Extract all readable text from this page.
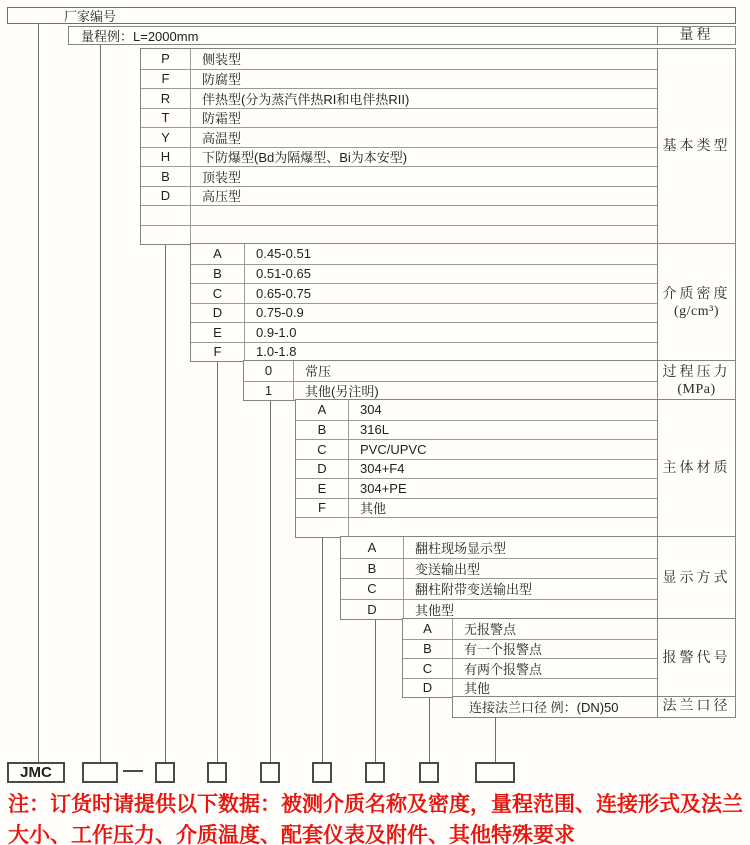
厂家编号
量程例：L=2000mm	量程
基本类型
P	侧装型
F	防腐型
R	伴热型(分为蒸汽伴热RI和电伴热RII)
T	防霜型
Y	高温型
H	下防爆型(Bd为隔爆型、Bi为本安型)
B	顶装型
D	高压型
介质密度
(g/cm³)
A	0.45-0.51
B	0.51-0.65
C	0.65-0.75
D	0.75-0.9
E	0.9-1.0
F	1.0-1.8
过程压力
(MPa)
0	常压
1	其他(另注明)
主体材质
A	304
B	316L
C	PVC/UPVC
D	304+F4
E	304+PE
F	其他
显示方式
A	翻柱现场显示型
B	变送输出型
C	翻柱附带变送输出型
D	其他型
报警代号
A	无报警点
B	有一个报警点
C	有两个报警点
D	其他
连接法兰口径 例：(DN)50	法兰口径
JMC
注：订货时请提供以下数据：被测介质名称及密度，量程范围、连接形式及法兰
大小、工作压力、介质温度、配套仪表及附件、其他特殊要求
